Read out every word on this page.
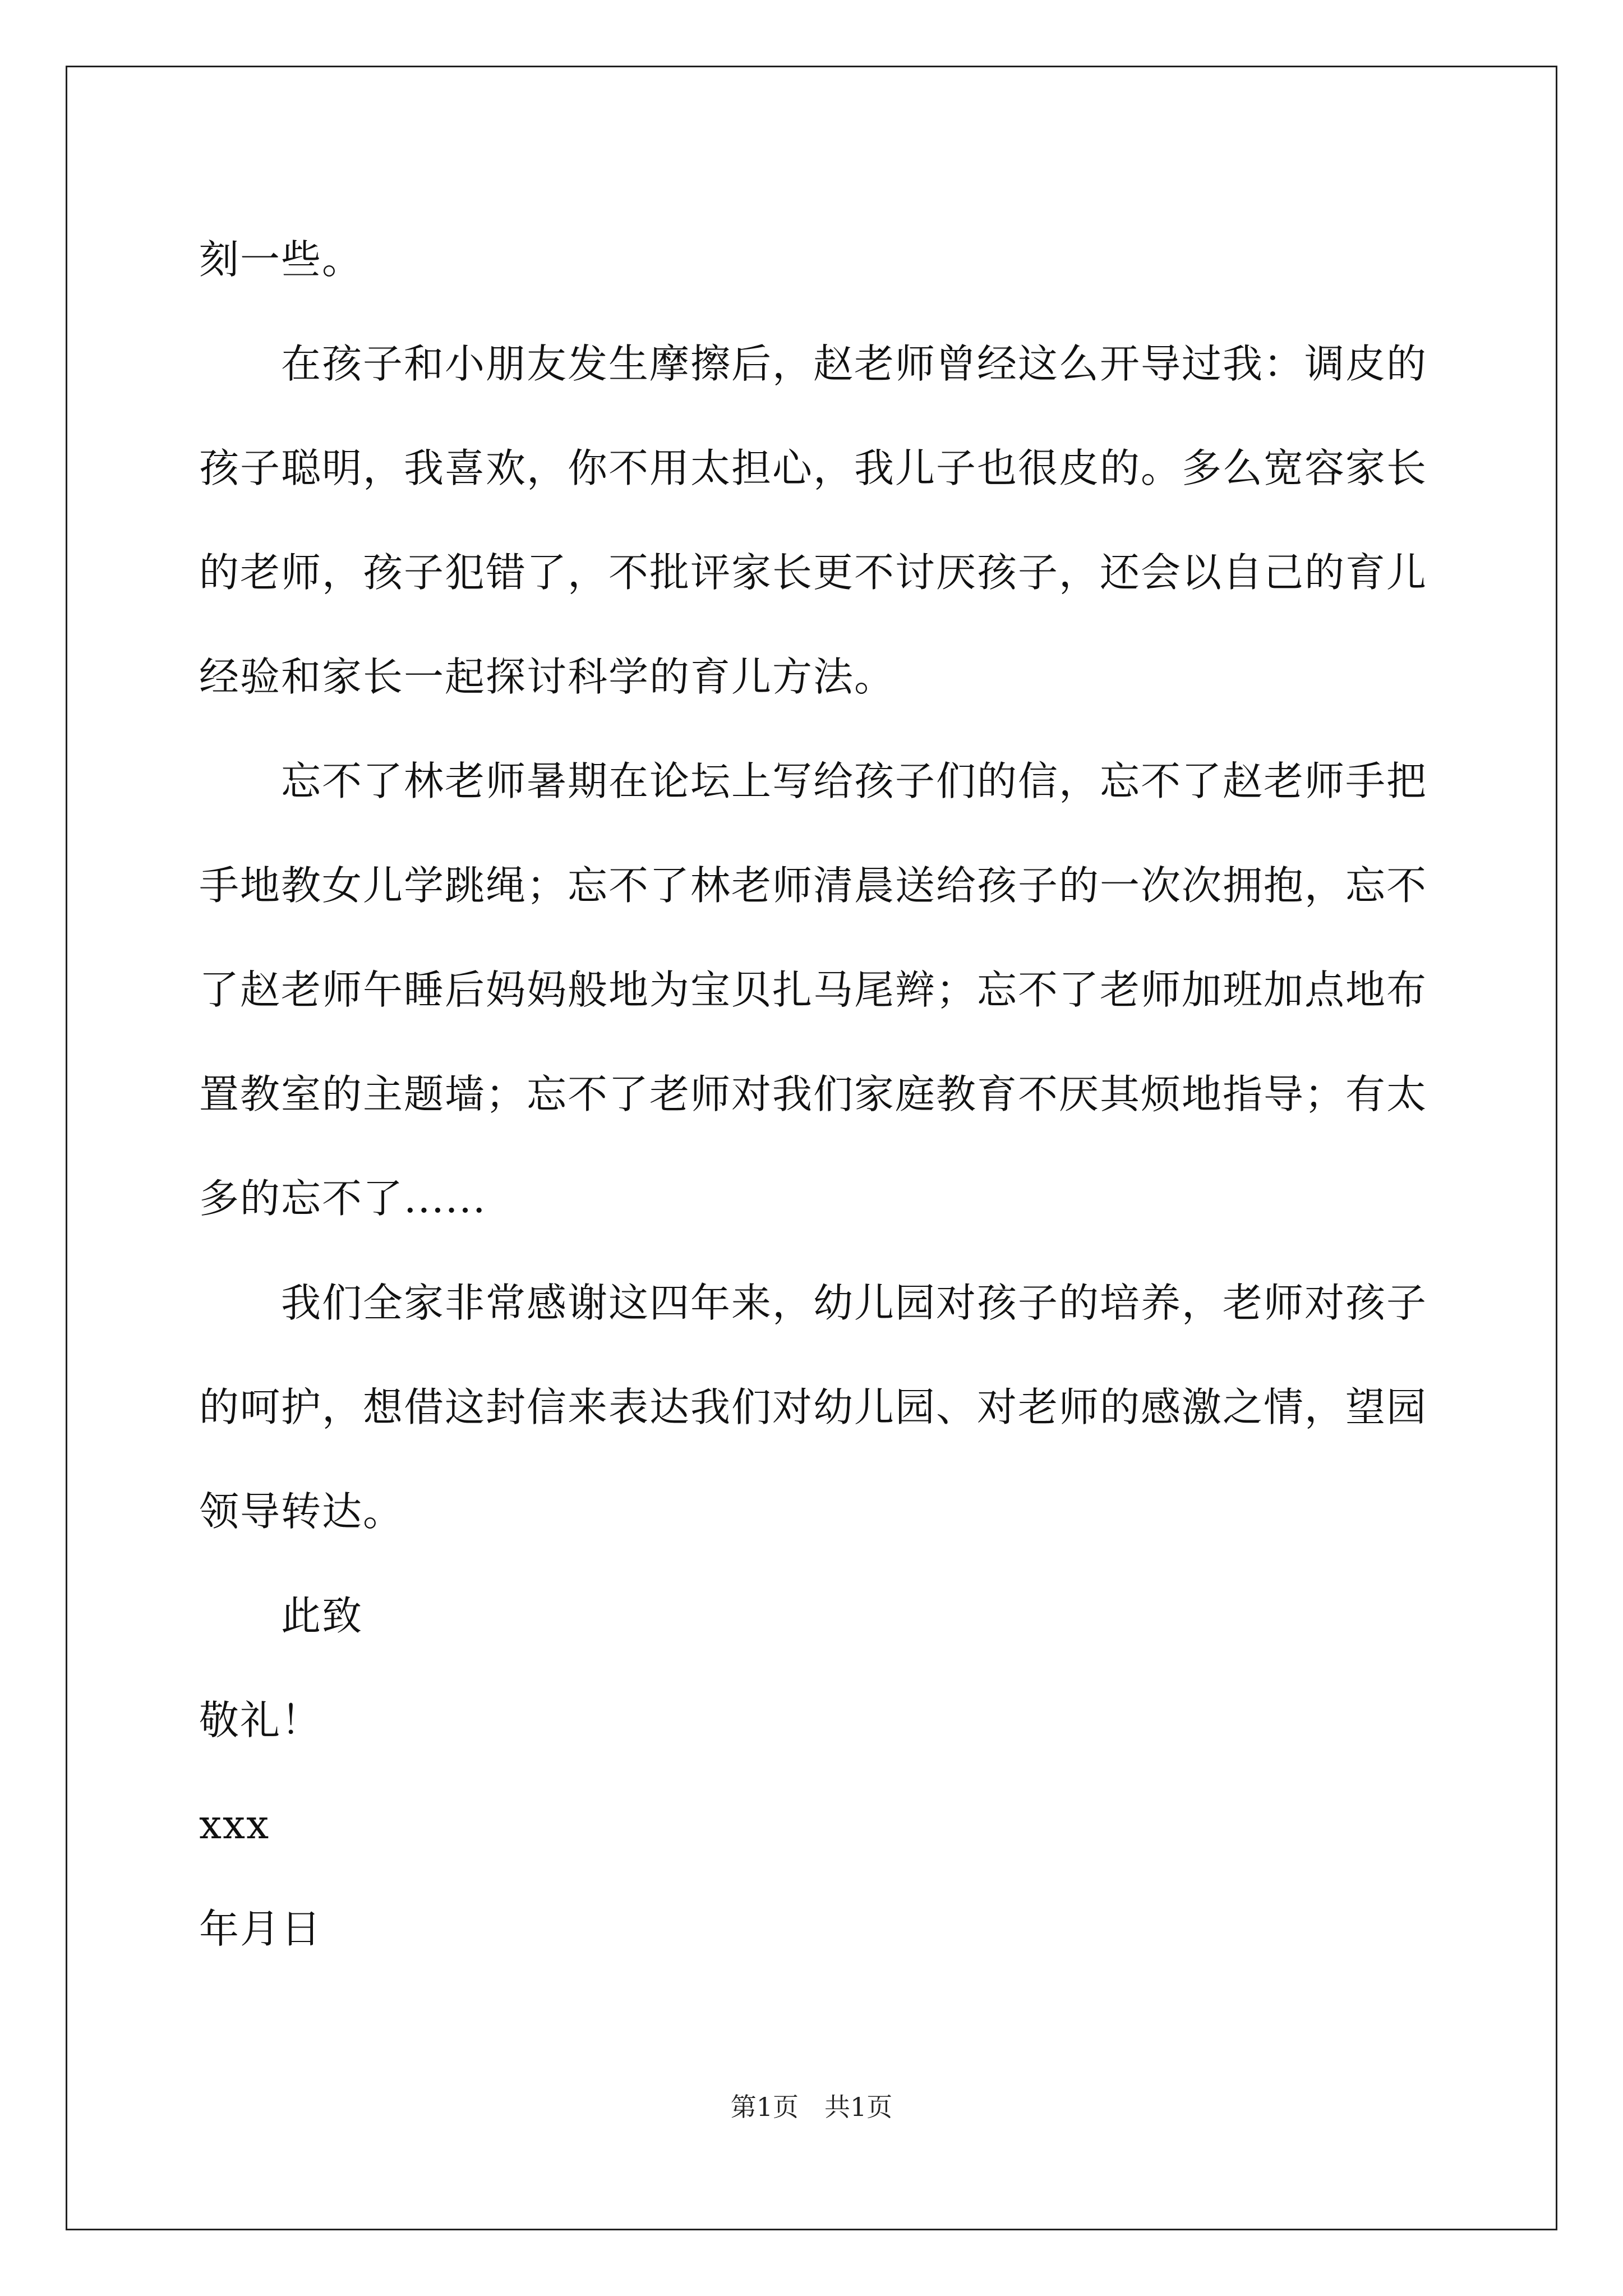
刻一些。

在孩子和小朋友发生摩擦后，赵老师曾经这么开导过我：调皮的孩子聪明，我喜欢，你不用太担心，我儿子也很皮的。多么宽容家长的老师，孩子犯错了，不批评家长更不讨厌孩子，还会以自己的育儿经验和家长一起探讨科学的育儿方法。

忘不了林老师暑期在论坛上写给孩子们的信，忘不了赵老师手把手地教女儿学跳绳；忘不了林老师清晨送给孩子的一次次拥抱，忘不了赵老师午睡后妈妈般地为宝贝扎马尾辫；忘不了老师加班加点地布置教室的主题墙；忘不了老师对我们家庭教育不厌其烦地指导；有太多的忘不了......

我们全家非常感谢这四年来，幼儿园对孩子的培养，老师对孩子的呵护，想借这封信来表达我们对幼儿园、对老师的感激之情，望园领导转达。

此致

敬礼！

xxx

年月日

第1页　共1页
